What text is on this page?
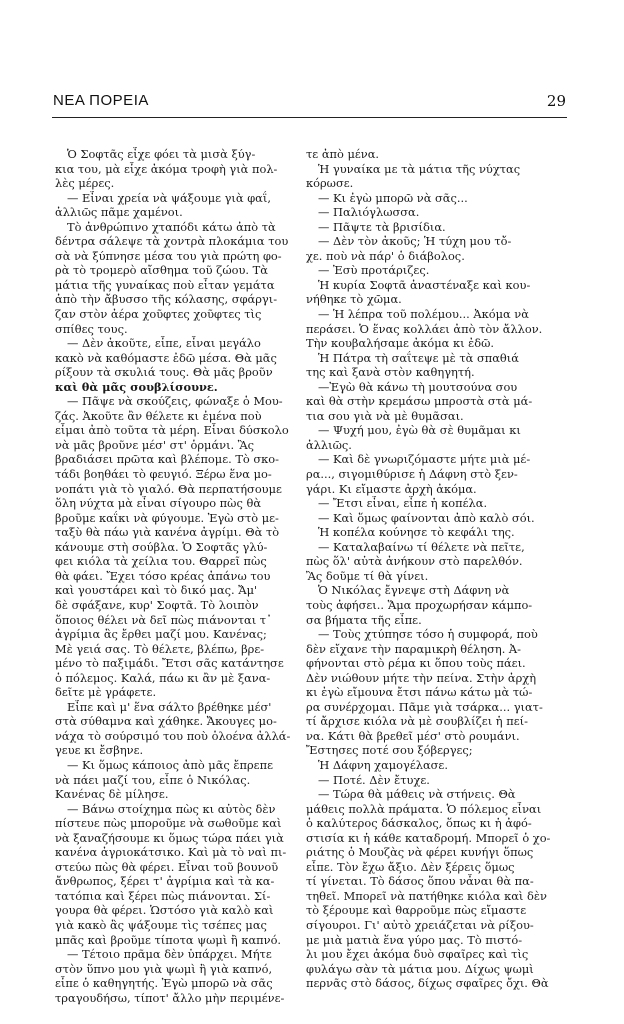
ΝΕΑ ΠΟΡΕΙΑ	29
Ὁ Σοφτᾶς εἶχε φόει τὰ μισὰ ξύγ-
κια του, μὰ εἶχε ἀκόμα τροφὴ γιὰ πολ-
λὲς μέρες.
— Εἶναι χρεία νὰ ψάξουμε γιὰ φαΐ,
ἀλλιῶς πᾶμε χαμένοι.
Τὸ ἀνθρώπινο χταπόδι κάτω ἀπὸ τὰ
δέντρα σάλεψε τὰ χοντρὰ πλοκάμια του
σὰ νὰ ξύπνησε μέσα του γιὰ πρώτη φο-
ρὰ τὸ τρομερὸ αἴσθημα τοῦ ζώου. Τὰ
μάτια τῆς γυναίκας ποὺ εἶταν γεμάτα
ἀπὸ τὴν ἄβυσσο τῆς κόλασης, σφάργι-
ζαν στὸν ἀέρα χοῦφτες χοῦφτες τὶς
σπίθες τους.
— Δὲν ἀκοῦτε, εἶπε, εἶναι μεγάλο
κακὸ νὰ καθόμαστε ἐδῶ μέσα. Θὰ μᾶς
ρίξουν τὰ σκυλιά τους. Θὰ μᾶς βροῦν
καὶ θὰ μᾶς σουβλίσουνε.
— Πᾶψε νὰ σκούζεις, φώναξε ὁ Μου-
ζάς. Ἀκοῦτε ἂν θέλετε κι ἐμένα ποὺ
εἶμαι ἀπὸ τοῦτα τὰ μέρη. Εἶναι δύσκολο
νὰ μᾶς βροῦνε μέσ' στ' ὁρμάνι. Ἂς
βραδιάσει πρῶτα καὶ βλέπομε. Τὸ σκο-
τάδι βοηθάει τὸ φευγιό. Ξέρω ἕνα μο-
νοπάτι γιὰ τὸ γιαλό. Θὰ περπατήσουμε
ὅλη νύχτα μὰ εἶναι σίγουρο πὼς θὰ
βροῦμε καΐκι νὰ φύγουμε. Ἐγὼ στὸ με-
ταξὺ θὰ πάω γιὰ κανένα ἀγρίμι. Θὰ τὸ
κάνουμε στὴ σούβλα. Ὁ Σοφτᾶς γλύ-
φει κιόλα τὰ χείλια του. Θαρρεῖ πὼς
θὰ φάει. Ἔχει τόσο κρέας ἀπάνω του
καὶ γουστάρει καὶ τὸ δικό μας. Ἄμ'
δὲ σφάξανε, κυρ' Σοφτᾶ. Τὸ λοιπὸν
ὅποιος θέλει νὰ δεῖ πὼς πιάνονται τ᾽
ἀγρίμια ἂς ἔρθει μαζί μου. Κανένας;
Μὲ γειά σας. Τὸ θέλετε, βλέπω, βρε-
μένο τὸ παξιμάδι. Ἔτσι σᾶς κατάντησε
ὁ πόλεμος. Καλά, πάω κι ἂν μὲ ξανα-
δεῖτε μὲ γράφετε.
Εἶπε καὶ μ' ἕνα σάλτο βρέθηκε μέσ'
στὰ σύθαμνα καὶ χάθηκε. Ἄκουγες μο-
νάχα τὸ σούρσιμό του ποὺ ὁλοένα ἀλλά-
γευε κι ἔσβηνε.
— Κι ὅμως κάποιος ἀπὸ μᾶς ἔπρεπε
νὰ πάει μαζί του, εἶπε ὁ Νικόλας.
Κανένας δὲ μίλησε.
— Βάνω στοίχημα πὼς κι αὐτὸς δὲν
πίστευε πὼς μποροῦμε νὰ σωθοῦμε καὶ
νὰ ξαναζήσουμε κι ὅμως τώρα πάει γιὰ
κανένα ἀγριοκάτσικο. Καὶ μὰ τὸ ναὶ πι-
στεύω πὼς θὰ φέρει. Εἶναι τοῦ βουνοῦ
ἄνθρωπος, ξέρει τ' ἀγρίμια καὶ τὰ κα-
τατόπια καὶ ξέρει πὼς πιάνονται. Σί-
γουρα θὰ φέρει. Ὡστόσο γιὰ καλὸ καὶ
γιὰ κακὸ ἂς ψάξουμε τὶς τσέπες μας
μπᾶς καὶ βροῦμε τίποτα ψωμὶ ἢ καπνό.
— Τέτοιο πρᾶμα δὲν ὑπάρχει. Μήτε
στὸν ὕπνο μου γιὰ ψωμὶ ἢ γιὰ καπνό,
εἶπε ὁ καθηγητής. Ἐγὼ μπορῶ νὰ σᾶς
τραγουδήσω, τίποτ' ἄλλο μὴν περιμένε-
τε ἀπὸ μένα.
Ἡ γυναίκα με τὰ μάτια τῆς νύχτας
κόρωσε.
— Κι ἐγὼ μπορῶ νὰ σᾶς...
— Παλιόγλωσσα.
— Πᾶψτε τὰ βρισίδια.
— Δὲν τὸν ἀκοῦς; Ἡ τύχη μου τὄ-
χε. ποὺ νὰ πάρ' ὁ διάβολος.
— Ἐσὺ προτάριζες.
Ἡ κυρία Σοφτᾶ ἀναστέναξε καὶ κου-
νήθηκε τὸ χῶμα.
— Ἡ λέπρα τοῦ πολέμου... Ἀκόμα νὰ
περάσει. Ὁ ἕνας κολλάει ἀπὸ τὸν ἄλλον.
Τὴν κουβαλήσαμε ἀκόμα κι ἐδῶ.
Ἡ Πάτρα τὴ σαΐτεψε μὲ τὰ σπαθιά
της καὶ ξανὰ στὸν καθηγητή.
—Ἐγὼ θὰ κάνω τὴ μουτσούνα σου
καὶ θὰ στὴν κρεμάσω μπροστὰ στὰ μά-
τια σου γιὰ νὰ μὲ θυμᾶσαι.
— Ψυχή μου, ἐγὼ θὰ σὲ θυμᾶμαι κι
ἀλλιῶς.
— Καὶ δὲ γνωριζόμαστε μήτε μιὰ μέ-
ρα..., σιγομιθύρισε ἡ Δάφνη στὸ ξεν-
γάρι. Κι εἴμαστε ἀρχὴ ἀκόμα.
— Ἔτσι εἶναι, εἶπε ἡ κοπέλα.
— Καὶ ὅμως φαίνονται ἀπὸ καλὸ σόι.
Ἡ κοπέλα κούνησε τὸ κεφάλι της.
— Καταλαβαίνω τί θέλετε νὰ πεῖτε,
πὼς ὅλ' αὐτὰ ἀνήκουν στὸ παρελθόν.
Ἂς δοῦμε τί θὰ γίνει.
Ὁ Νικόλας ἔγνεψε στὴ Δάφνη νὰ
τοὺς ἀφήσει.. Ἅμα προχωρήσαν κάμπο-
σα βήματα τῆς εἶπε.
— Τοὺς χτύπησε τόσο ἡ συμφορά, ποὺ
δὲν εἴχανε τὴν παραμικρὴ θέληση. Ἀ-
φήνονται στὸ ρέμα κι ὅπου τοὺς πάει.
Δὲν νιώθουν μήτε τὴν πείνα. Στὴν ἀρχὴ
κι ἐγὼ εἴμουνα ἔτσι πάνω κάτω μὰ τώ-
ρα συνέρχομαι. Πᾶμε γιὰ τσάρκα... γιατ-
τί ἄρχισε κιόλα νὰ μὲ σουβλίζει ἡ πεί-
να. Κάτι θὰ βρεθεῖ μέσ' στὸ ρουμάνι.
Ἔστησες ποτέ σου ξόβεργες;
Ἡ Δάφνη χαμογέλασε.
— Ποτέ. Δὲν ἔτυχε.
— Τώρα θὰ μάθεις νὰ στήνεις. Θὰ
μάθεις πολλὰ πράματα. Ὁ πόλεμος εἶναι
ὁ καλύτερος δάσκαλος, ὅπως κι ἡ ἀφό-
στισία κι ἡ κάθε καταδρομή. Μπορεῖ ὁ χο-
ριάτης ὁ Μουζὰς νὰ φέρει κυνήγι ὅπως
εἶπε. Τὸν ἔχω ἄξιο. Δὲν ξέρεις ὅμως
τί γίνεται. Τὸ δάσος ὅπου νἆναι θὰ πα-
τηθεῖ. Μπορεῖ νὰ πατήθηκε κιόλα καὶ δὲν
τὸ ξέρουμε καὶ θαρροῦμε πὼς εἴμαστε
σίγουροι. Γι' αὐτὸ χρειάζεται νὰ ρίξου-
με μιὰ ματιὰ ἕνα γύρο μας. Τὸ πιστό-
λι μου ἔχει ἀκόμα δυὸ σφαῖρες καὶ τὶς
φυλάγω σὰν τὰ μάτια μου. Δίχως ψωμὶ
περνᾶς στὸ δάσος, δίχως σφαῖρες ὄχι. Θὰ
